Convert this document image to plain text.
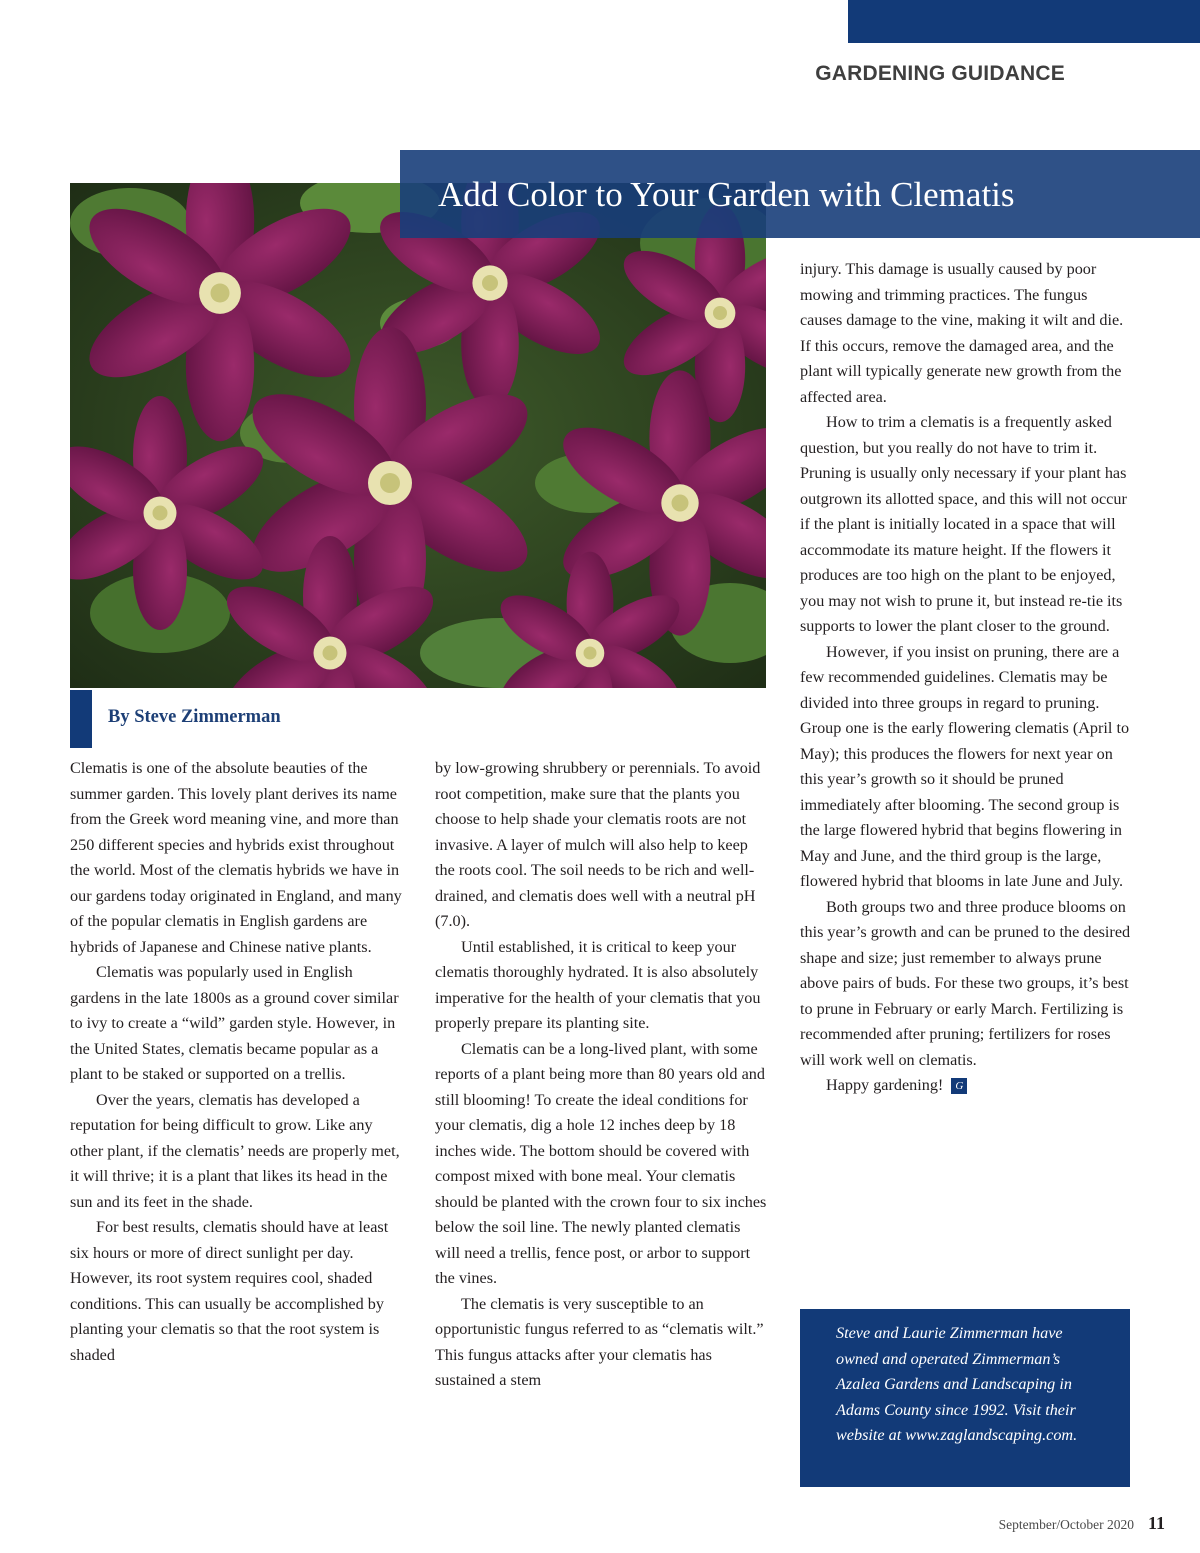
GARDENING GUIDANCE
Add Color to Your Garden with Clematis
By Steve Zimmerman

Clematis is one of the absolute beauties of the summer garden. This lovely plant derives its name from the Greek word meaning vine, and more than 250 different species and hybrids exist throughout the world. Most of the clematis hybrids we have in our gardens today originated in England, and many of the popular clematis in English gardens are hybrids of Japanese and Chinese native plants.

Clematis was popularly used in English gardens in the late 1800s as a ground cover similar to ivy to create a “wild” garden style. However, in the United States, clematis became popular as a plant to be staked or supported on a trellis.

Over the years, clematis has developed a reputation for being difficult to grow. Like any other plant, if the clematis’ needs are properly met, it will thrive; it is a plant that likes its head in the sun and its feet in the shade.

For best results, clematis should have at least six hours or more of direct sunlight per day. However, its root system requires cool, shaded conditions. This can usually be accomplished by planting your clematis so that the root system is shaded

by low-growing shrubbery or perennials. To avoid root competition, make sure that the plants you choose to help shade your clematis roots are not invasive. A layer of mulch will also help to keep the roots cool. The soil needs to be rich and well-drained, and clematis does well with a neutral pH (7.0).

Until established, it is critical to keep your clematis thoroughly hydrated. It is also absolutely imperative for the health of your clematis that you properly prepare its planting site.

Clematis can be a long-lived plant, with some reports of a plant being more than 80 years old and still blooming! To create the ideal conditions for your clematis, dig a hole 12 inches deep by 18 inches wide. The bottom should be covered with compost mixed with bone meal. Your clematis should be planted with the crown four to six inches below the soil line. The newly planted clematis will need a trellis, fence post, or arbor to support the vines.

The clematis is very susceptible to an opportunistic fungus referred to as “clematis wilt.” This fungus attacks after your clematis has sustained a stem

injury. This damage is usually caused by poor mowing and trimming practices. The fungus causes damage to the vine, making it wilt and die. If this occurs, remove the damaged area, and the plant will typically generate new growth from the affected area.

How to trim a clematis is a frequently asked question, but you really do not have to trim it. Pruning is usually only necessary if your plant has outgrown its allotted space, and this will not occur if the plant is initially located in a space that will accommodate its mature height. If the flowers it produces are too high on the plant to be enjoyed, you may not wish to prune it, but instead re-tie its supports to lower the plant closer to the ground.

However, if you insist on pruning, there are a few recommended guidelines. Clematis may be divided into three groups in regard to pruning. Group one is the early flowering clematis (April to May); this produces the flowers for next year on this year’s growth so it should be pruned immediately after blooming. The second group is the large flowered hybrid that begins flowering in May and June, and the third group is the large, flowered hybrid that blooms in late June and July.

Both groups two and three produce blooms on this year’s growth and can be pruned to the desired shape and size; just remember to always prune above pairs of buds. For these two groups, it’s best to prune in February or early March. Fertilizing is recommended after pruning; fertilizers for roses will work well on clematis.

Happy gardening! G

Steve and Laurie Zimmerman have owned and operated Zimmerman’s Azalea Gardens and Landscaping in Adams County since 1992. Visit their website at www.zaglandscaping.com.
September/October 2020 11
